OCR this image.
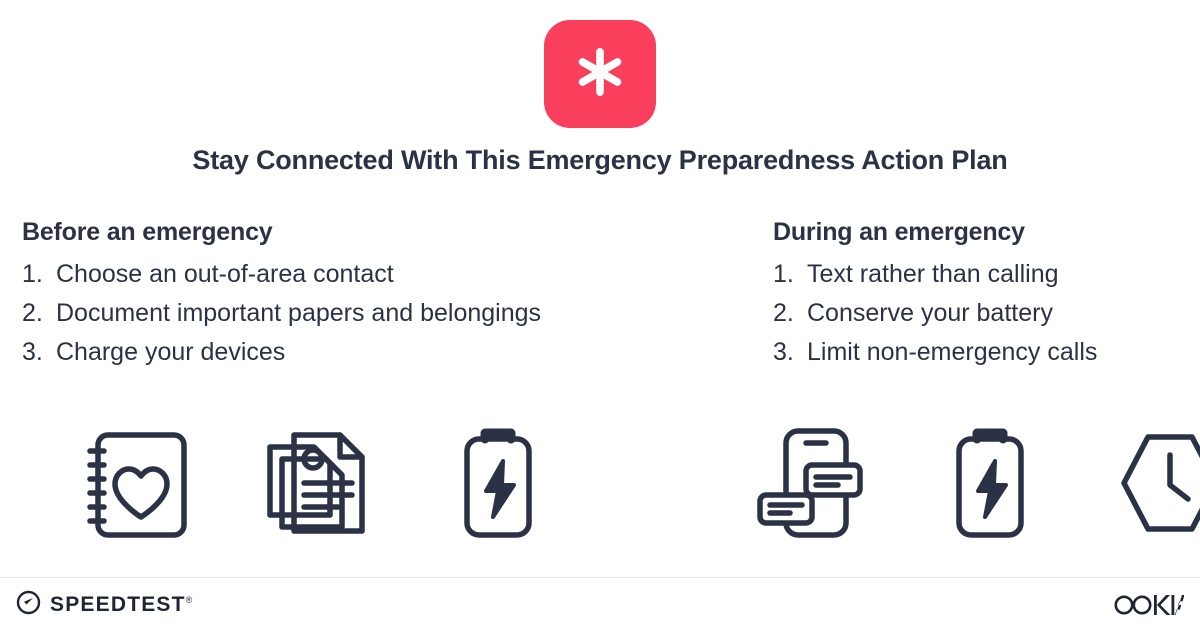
Stay Connected With This Emergency Preparedness Action Plan
Before an emergency
1. Choose an out-of-area contact
2. Document important papers and belongings
3. Charge your devices
During an emergency
1. Text rather than calling
2. Conserve your battery
3. Limit non-emergency calls
SPEEDTEST®
